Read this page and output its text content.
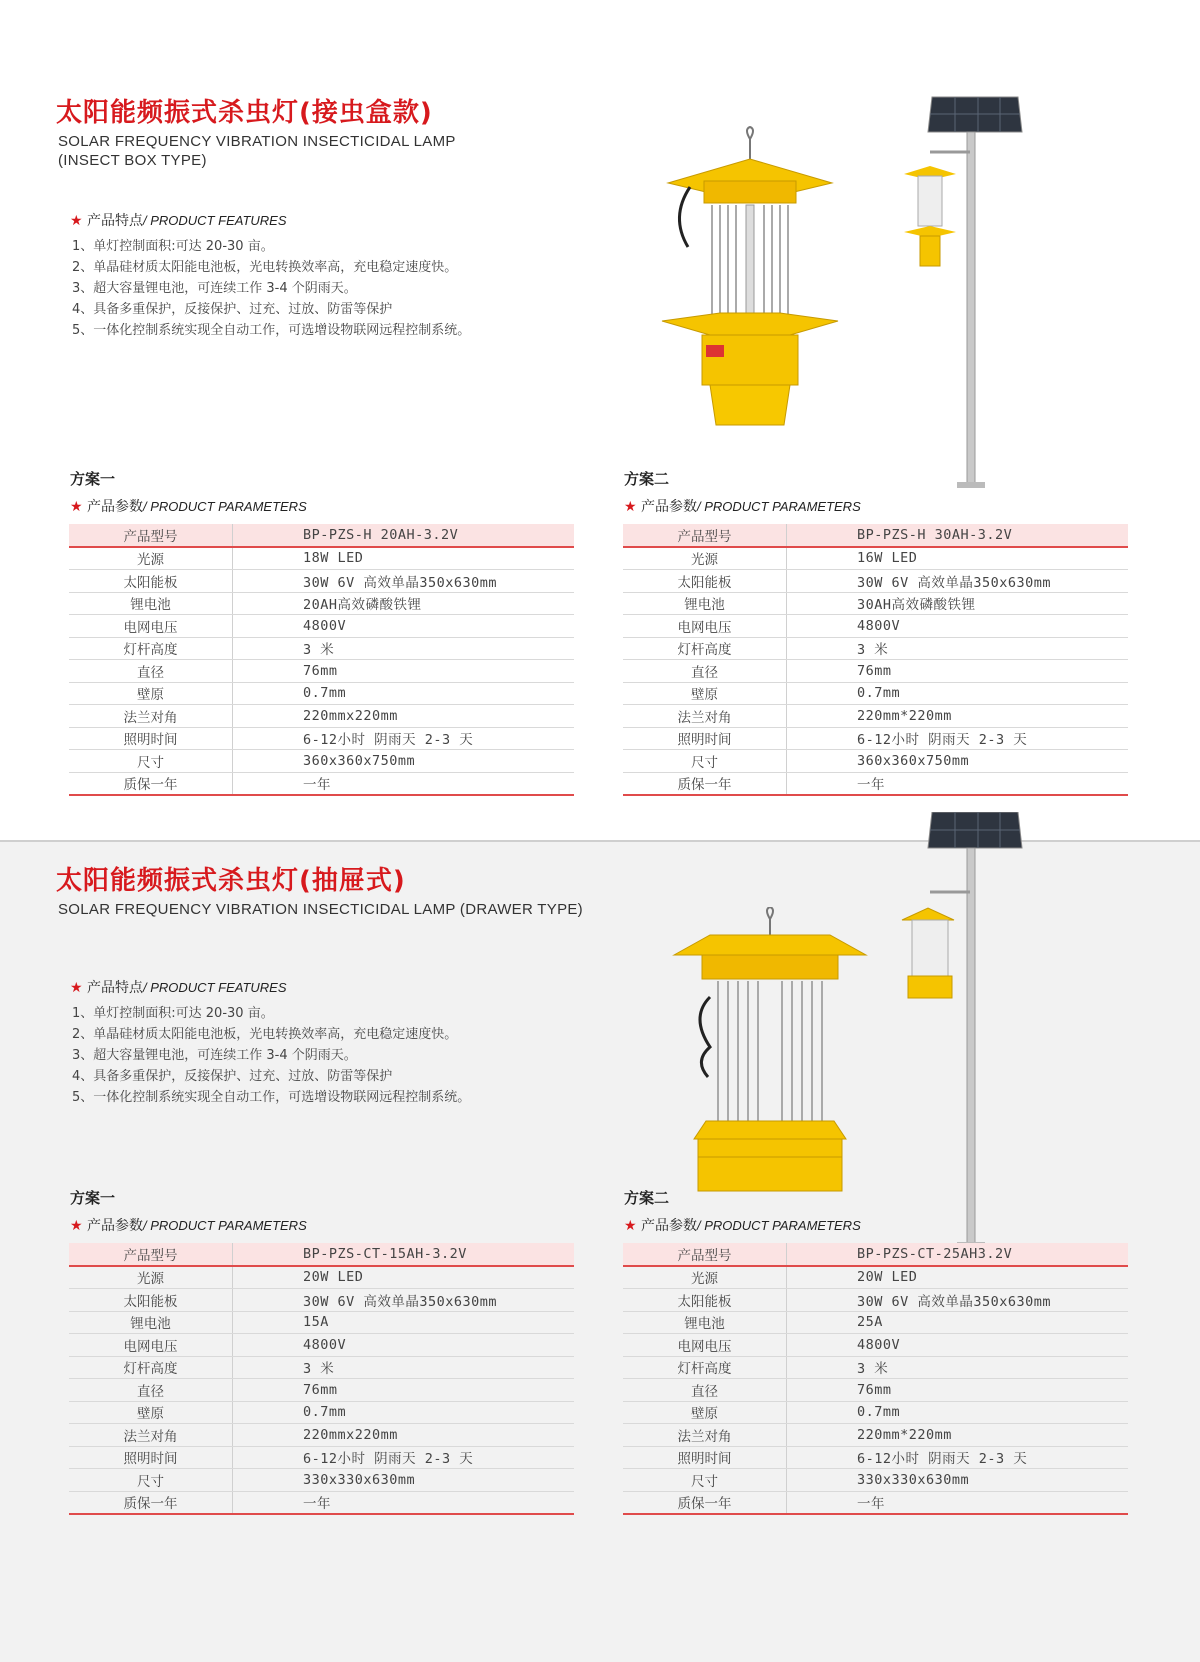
太阳能频振式杀虫灯(接虫盒款)
SOLAR FREQUENCY VIBRATION INSECTICIDAL LAMP
(INSECT BOX TYPE)
★ 产品特点/ PRODUCT FEATURES
1、单灯控制面积:可达 20-30 亩。
2、单晶硅材质太阳能电池板，光电转换效率高，充电稳定速度快。
3、超大容量锂电池，可连续工作 3-4 个阴雨天。
4、具备多重保护，反接保护、过充、过放、防雷等保护
5、一体化控制系统实现全自动工作，可选增设物联网远程控制系统。
方案一
★ 产品参数/ PRODUCT PARAMETERS
产品型号	BP-PZS-H 20AH-3.2V
光源	18W LED
太阳能板	30W 6V 高效单晶350x630mm
锂电池	20AH高效磷酸铁锂
电网电压	4800V
灯杆高度	3 米
直径	76mm
壁原	0.7mm
法兰对角	220mmx220mm
照明时间	6-12小时 阴雨天 2-3 天
尺寸	360x360x750mm
质保一年	一年
方案二
★ 产品参数/ PRODUCT PARAMETERS
产品型号	BP-PZS-H 30AH-3.2V
光源	16W LED
太阳能板	30W 6V 高效单晶350x630mm
锂电池	30AH高效磷酸铁锂
电网电压	4800V
灯杆高度	3 米
直径	76mm
壁原	0.7mm
法兰对角	220mm*220mm
照明时间	6-12小时 阴雨天 2-3 天
尺寸	360x360x750mm
质保一年	一年
太阳能频振式杀虫灯(抽屉式)
SOLAR FREQUENCY VIBRATION INSECTICIDAL LAMP (DRAWER TYPE)
★ 产品特点/ PRODUCT FEATURES
1、单灯控制面积:可达 20-30 亩。
2、单晶硅材质太阳能电池板，光电转换效率高，充电稳定速度快。
3、超大容量锂电池，可连续工作 3-4 个阴雨天。
4、具备多重保护，反接保护、过充、过放、防雷等保护
5、一体化控制系统实现全自动工作，可选增设物联网远程控制系统。
方案一
★ 产品参数/ PRODUCT PARAMETERS
产品型号	BP-PZS-CT-15AH-3.2V
光源	20W LED
太阳能板	30W 6V 高效单晶350x630mm
锂电池	15A
电网电压	4800V
灯杆高度	3 米
直径	76mm
壁原	0.7mm
法兰对角	220mmx220mm
照明时间	6-12小时 阴雨天 2-3 天
尺寸	330x330x630mm
质保一年	一年
方案二
★ 产品参数/ PRODUCT PARAMETERS
产品型号	BP-PZS-CT-25AH3.2V
光源	20W LED
太阳能板	30W 6V 高效单晶350x630mm
锂电池	25A
电网电压	4800V
灯杆高度	3 米
直径	76mm
壁原	0.7mm
法兰对角	220mm*220mm
照明时间	6-12小时 阴雨天 2-3 天
尺寸	330x330x630mm
质保一年	一年
